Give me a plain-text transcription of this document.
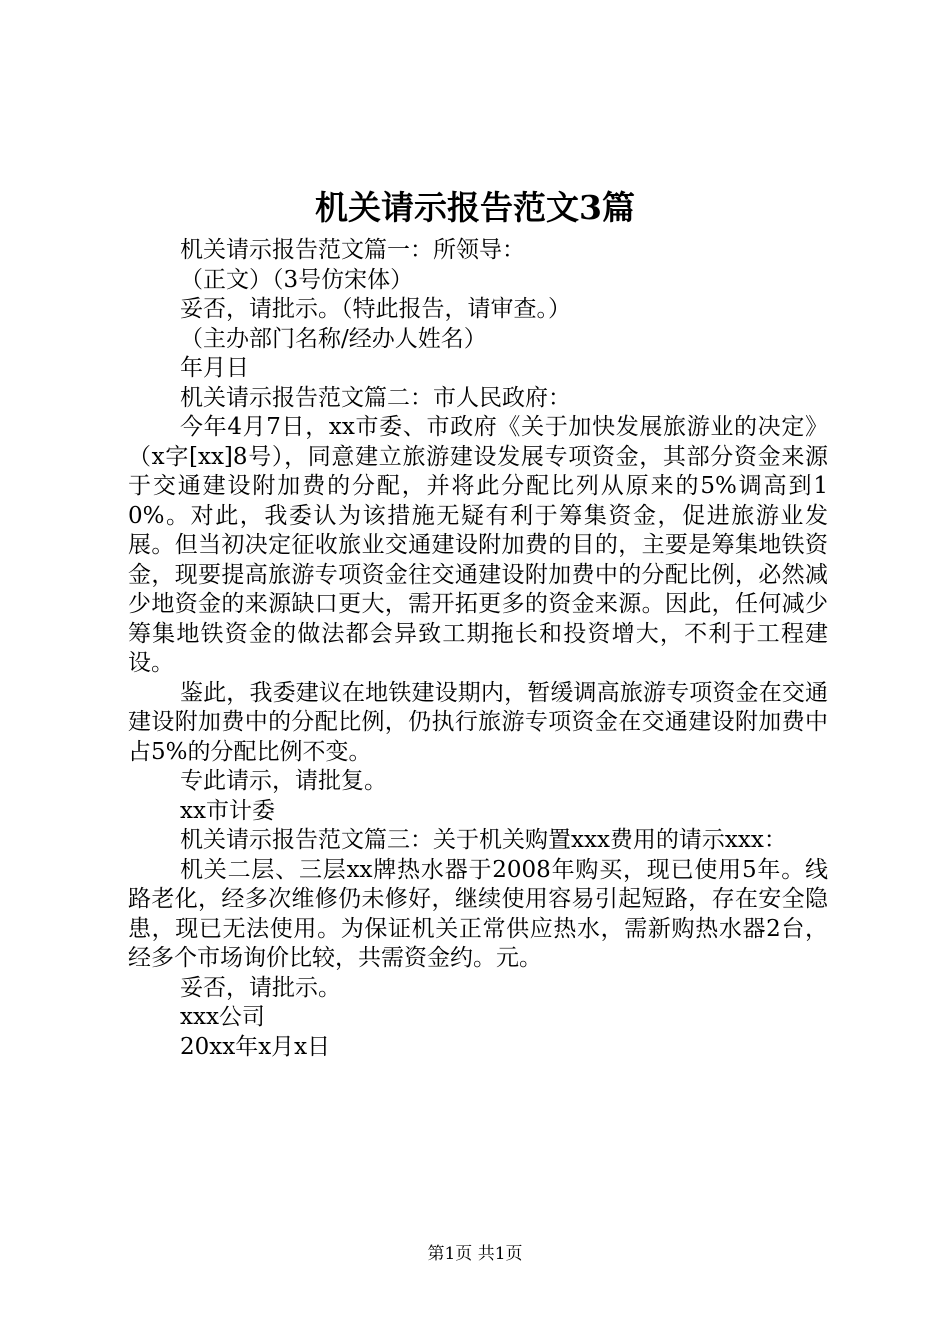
机关请示报告范文3篇

机关请示报告范文篇一：所领导：

（正文）（3号仿宋体）

妥否，请批示。（特此报告，请审查。）

（主办部门名称/经办人姓名）

年月日

机关请示报告范文篇二：市人民政府：

今年4月7日，xx市委、市政府《关于加快发展旅游业的决定》（x字[xx]8号），同意建立旅游建设发展专项资金，其部分资金来源于交通建设附加费的分配，并将此分配比列从原来的5%调高到10%。对此，我委认为该措施无疑有利于筹集资金，促进旅游业发展。但当初决定征收旅业交通建设附加费的目的，主要是筹集地铁资金，现要提高旅游专项资金往交通建设附加费中的分配比例，必然减少地资金的来源缺口更大，需开拓更多的资金来源。因此，任何减少筹集地铁资金的做法都会异致工期拖长和投资增大，不利于工程建设。

鉴此，我委建议在地铁建设期内，暂缓调高旅游专项资金在交通建设附加费中的分配比例，仍执行旅游专项资金在交通建设附加费中占5%的分配比例不变。

专此请示，请批复。

xx市计委

机关请示报告范文篇三：关于机关购置xxx费用的请示xxx：

机关二层、三层xx牌热水器于2008年购买，现已使用5年。线路老化，经多次维修仍未修好，继续使用容易引起短路，存在安全隐患，现已无法使用。为保证机关正常供应热水，需新购热水器2台，经多个市场询价比较，共需资金约。元。

妥否，请批示。

xxx公司

20xx年x月x日

第1页 共1页
